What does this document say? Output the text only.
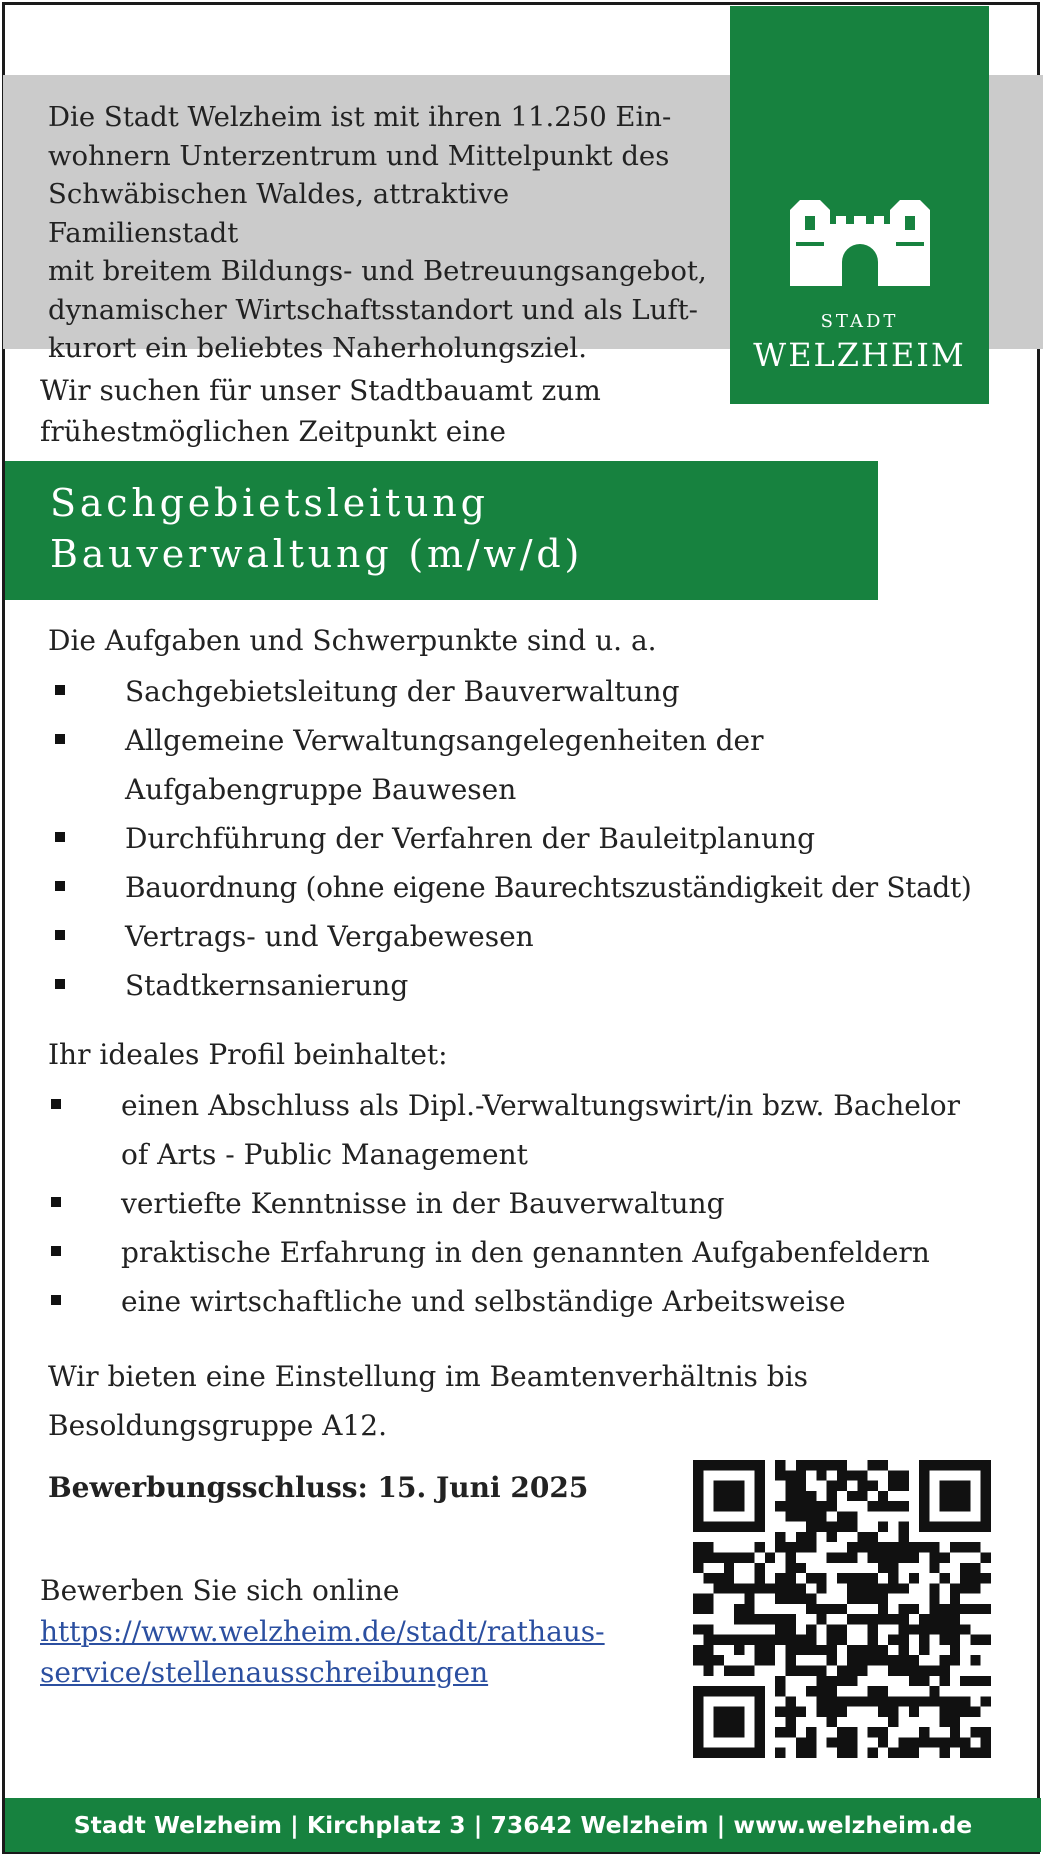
Die Stadt Welzheim ist mit ihren 11.250 Ein-
wohnern Unterzentrum und Mittelpunkt des
Schwäbischen Waldes, attraktive Familienstadt
mit breitem Bildungs- und Betreuungsangebot,
dynamischer Wirtschaftsstandort und als Luft-
kurort ein beliebtes Naherholungsziel.
STADT
WELZHEIM
Wir suchen für unser Stadtbauamt zum
frühestmöglichen Zeitpunkt eine
Sachgebietsleitung
Bauverwaltung (m/w/d)
Die Aufgaben und Schwerpunkte sind u. a.
Sachgebietsleitung der Bauverwaltung
Allgemeine Verwaltungsangelegenheiten der
Aufgabengruppe Bauwesen
Durchführung der Verfahren der Bauleitplanung
Bauordnung (ohne eigene Baurechtszuständigkeit der Stadt)
Vertrags- und Vergabewesen
Stadtkernsanierung
Ihr ideales Profil beinhaltet:
einen Abschluss als Dipl.-Verwaltungswirt/in bzw. Bachelor
of Arts - Public Management
vertiefte Kenntnisse in der Bauverwaltung
praktische Erfahrung in den genannten Aufgabenfeldern
eine wirtschaftliche und selbständige Arbeitsweise
Wir bieten eine Einstellung im Beamtenverhältnis bis
Besoldungsgruppe A12.
Bewerbungsschluss: 15. Juni 2025
Bewerben Sie sich online
https://www.welzheim.de/stadt/rathaus-
service/stellenausschreibungen
Stadt Welzheim | Kirchplatz 3 | 73642 Welzheim | www.welzheim.de
